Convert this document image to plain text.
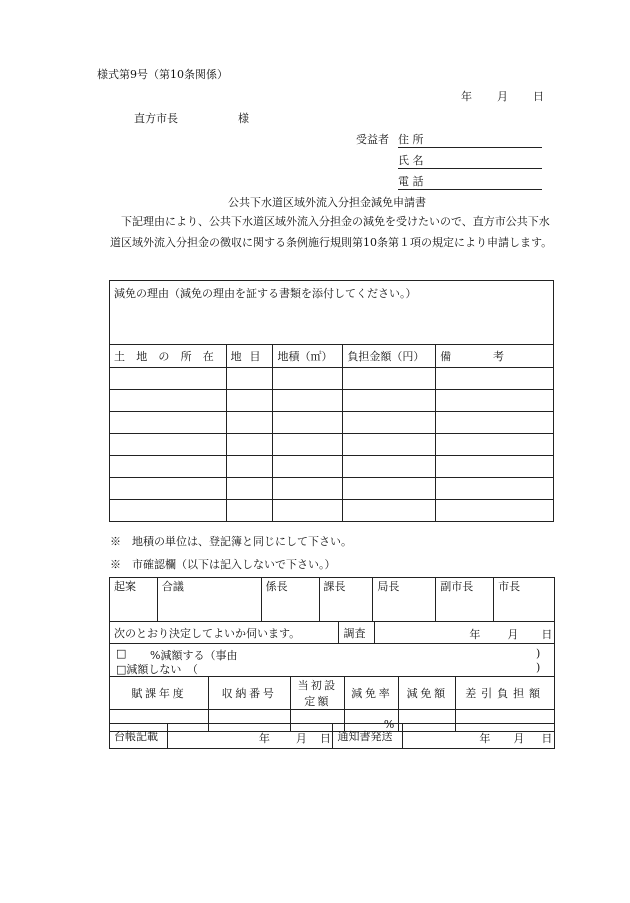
様式第9号（第10条関係）
年 月 日
直方市長	様
受益者 住 所
氏 名
電 話
公共下水道区域外流入分担金減免申請書
　下記理由により、公共下水道区域外流入分担金の減免を受けたいので、直方市公共下水道区域外流入分担金の徴収に関する条例施行規則第10条第１項の規定により申請します。
減免の理由（減免の理由を証する書類を添付してください。）				
土 地 の 所 在	地 目	地積（㎡）	負担金額（円）	備　　考

※　地積の単位は、登記簿と同じにして下さい。
※　市確認欄（以下は記入しないで下さい。）
起案	合議	係長	課長	局長	副市長	市長
次のとおり決定してよいか伺います。	調査	年 月 日

□ %減額する（事由	)
□減額しない　（	)
賦課年度	収納番号	当初設定額	減免率	減免額	差引負担額
			%		
台帳記載	年 月 日	通知書発送	年 月 日
